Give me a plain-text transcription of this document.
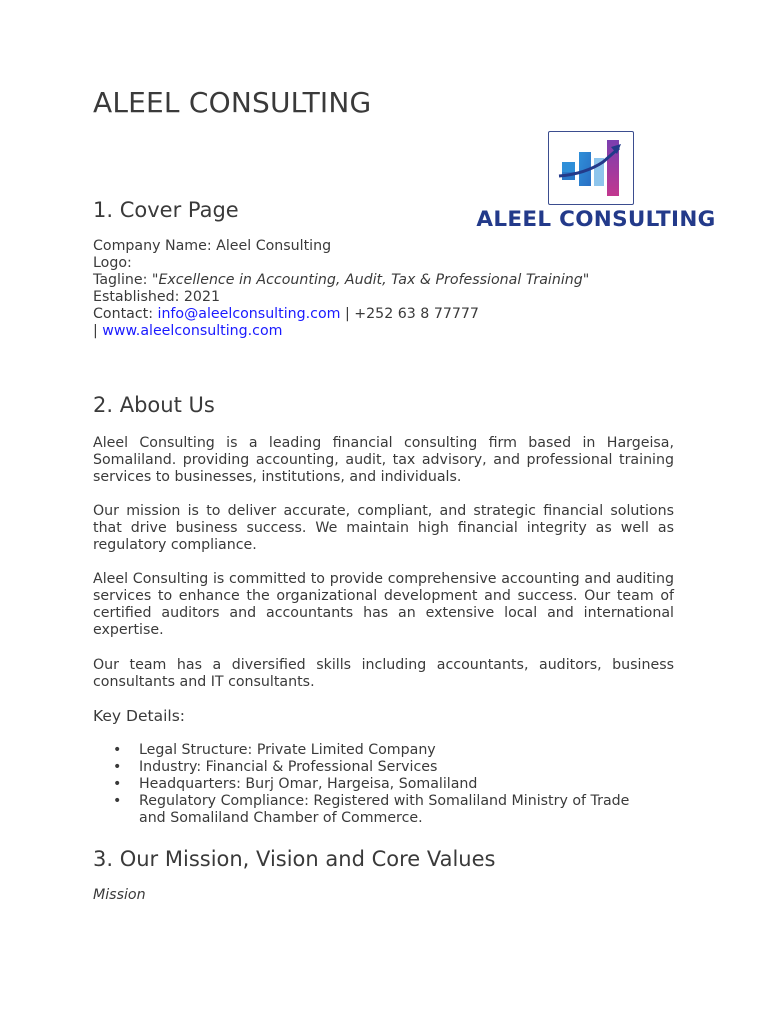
ALEEL CONSULTING
ALEEL CONSULTING
1. Cover Page
Company Name: Aleel Consulting
Logo:
Tagline: "Excellence in Accounting, Audit, Tax & Professional Training"
Established: 2021
Contact: info@aleelconsulting.com | +252 63 8 77777
| www.aleelconsulting.com
2. About Us

Aleel Consulting is a leading financial consulting firm based in Hargeisa, Somaliland. providing accounting, audit, tax advisory, and professional training services to businesses, institutions, and individuals.

Our mission is to deliver accurate, compliant, and strategic financial solutions that drive business success. We maintain high financial integrity as well as regulatory compliance.

Aleel Consulting is committed to provide comprehensive accounting and auditing services to enhance the organizational development and success. Our team of certified auditors and accountants has an extensive local and international expertise.

Our team has a diversified skills including accountants, auditors, business consultants and IT consultants.

Key Details:

• Legal Structure: Private Limited Company
• Industry: Financial & Professional Services
• Headquarters: Burj Omar, Hargeisa, Somaliland
• Regulatory Compliance: Registered with Somaliland Ministry of Trade and Somaliland Chamber of Commerce.
3. Our Mission, Vision and Core Values

Mission
